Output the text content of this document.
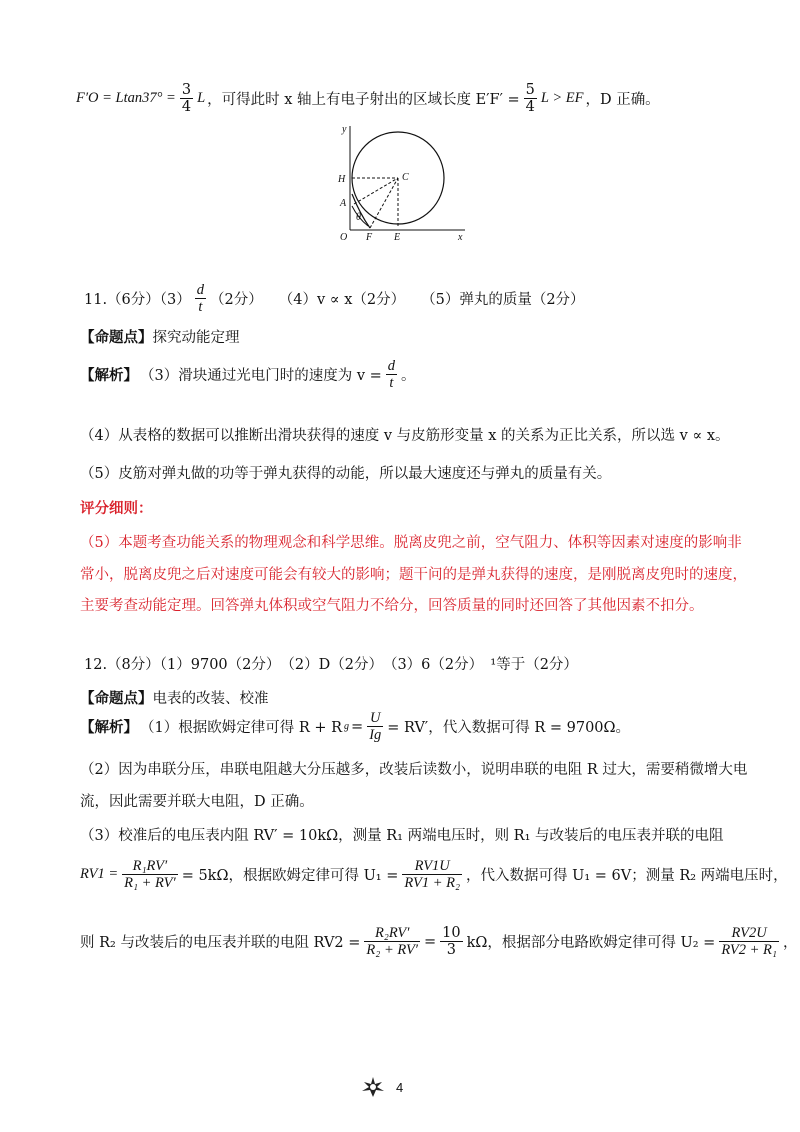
$F'O = Ltan37^\circ = \frac{3}{4}$ L ，可得此时 x 轴上有电子射出的区域长度 $E'F' = \frac{5}{4}$ L > EF ，D 正确。
y
H	C
A
θ
O F E	x
11.（6分）$(3) \frac{d}{t} (2$分） （4）v ∝ x（2分） （5）弹丸的质量（2分）
【命题点】探究动能定理
【解析】 （3）滑块通过光电门时的速度为 $v = \frac{d}{t}$ 。
（4）从表格的数据可以推断出滑块获得的速度 v 与皮筋形变量 x 的关系为正比关系，所以选 v ∝ x。
（5）皮筋对弹丸做的功等于弹丸获得的动能，所以最大速度还与弹丸的质量有关。
评分细则：
（5）本题考查功能关系的物理观念和科学思维。脱离皮兜之前，空气阻力、体积等因素对速度的影响非
常小，脱离皮兜之后对速度可能会有较大的影响；题干问的是弹丸获得的速度，是刚脱离皮兜时的速度，
主要考查动能定理。回答弹丸体积或空气阻力不给分，回答质量的同时还回答了其他因素不扣分。
12.（8分）（1）9700（2分）　（2）D（2分）　（3）6（2分）　¹等于（2分）
【命题点】电表的改装、校准
【解析】 （1）根据欧姆定律可得 R + R $g = \frac{U}{Ig} = RV'$，代入数据可得 R = 9700Ω。
（2）因为串联分压，串联电阻越大分压越多，改装后读数小，说明串联的电阻 R 过大，需要稍微增大电
流，因此需要并联大电阻，D 正确。
（3）校准后的电压表内阻 RV′ = 10kΩ，测量 R₁ 两端电压时，则 R₁ 与改装后的电压表并联的电阻
$RV1 = \frac{\text{R₁RV′}}{\text{R₁ + RV′}} = 5k\Omega$，根据欧姆定律可得 $U_1 = \frac{RV1U}{\text{RV1 + R₂}}$ ，代入数据可得 U₁ = 6V；测量 R₂ 两端电压时，
则 R₂ 与改装后的电压表并联的电阻 $RV2 = \frac{\text{R₂RV′}}{\text{R₂ + RV′}} = \frac{10}{3}$ kΩ，根据部分电路欧姆定律可得 $U_2 = \frac{RV2U}{\text{RV2 + R₁}}$ ，
4
